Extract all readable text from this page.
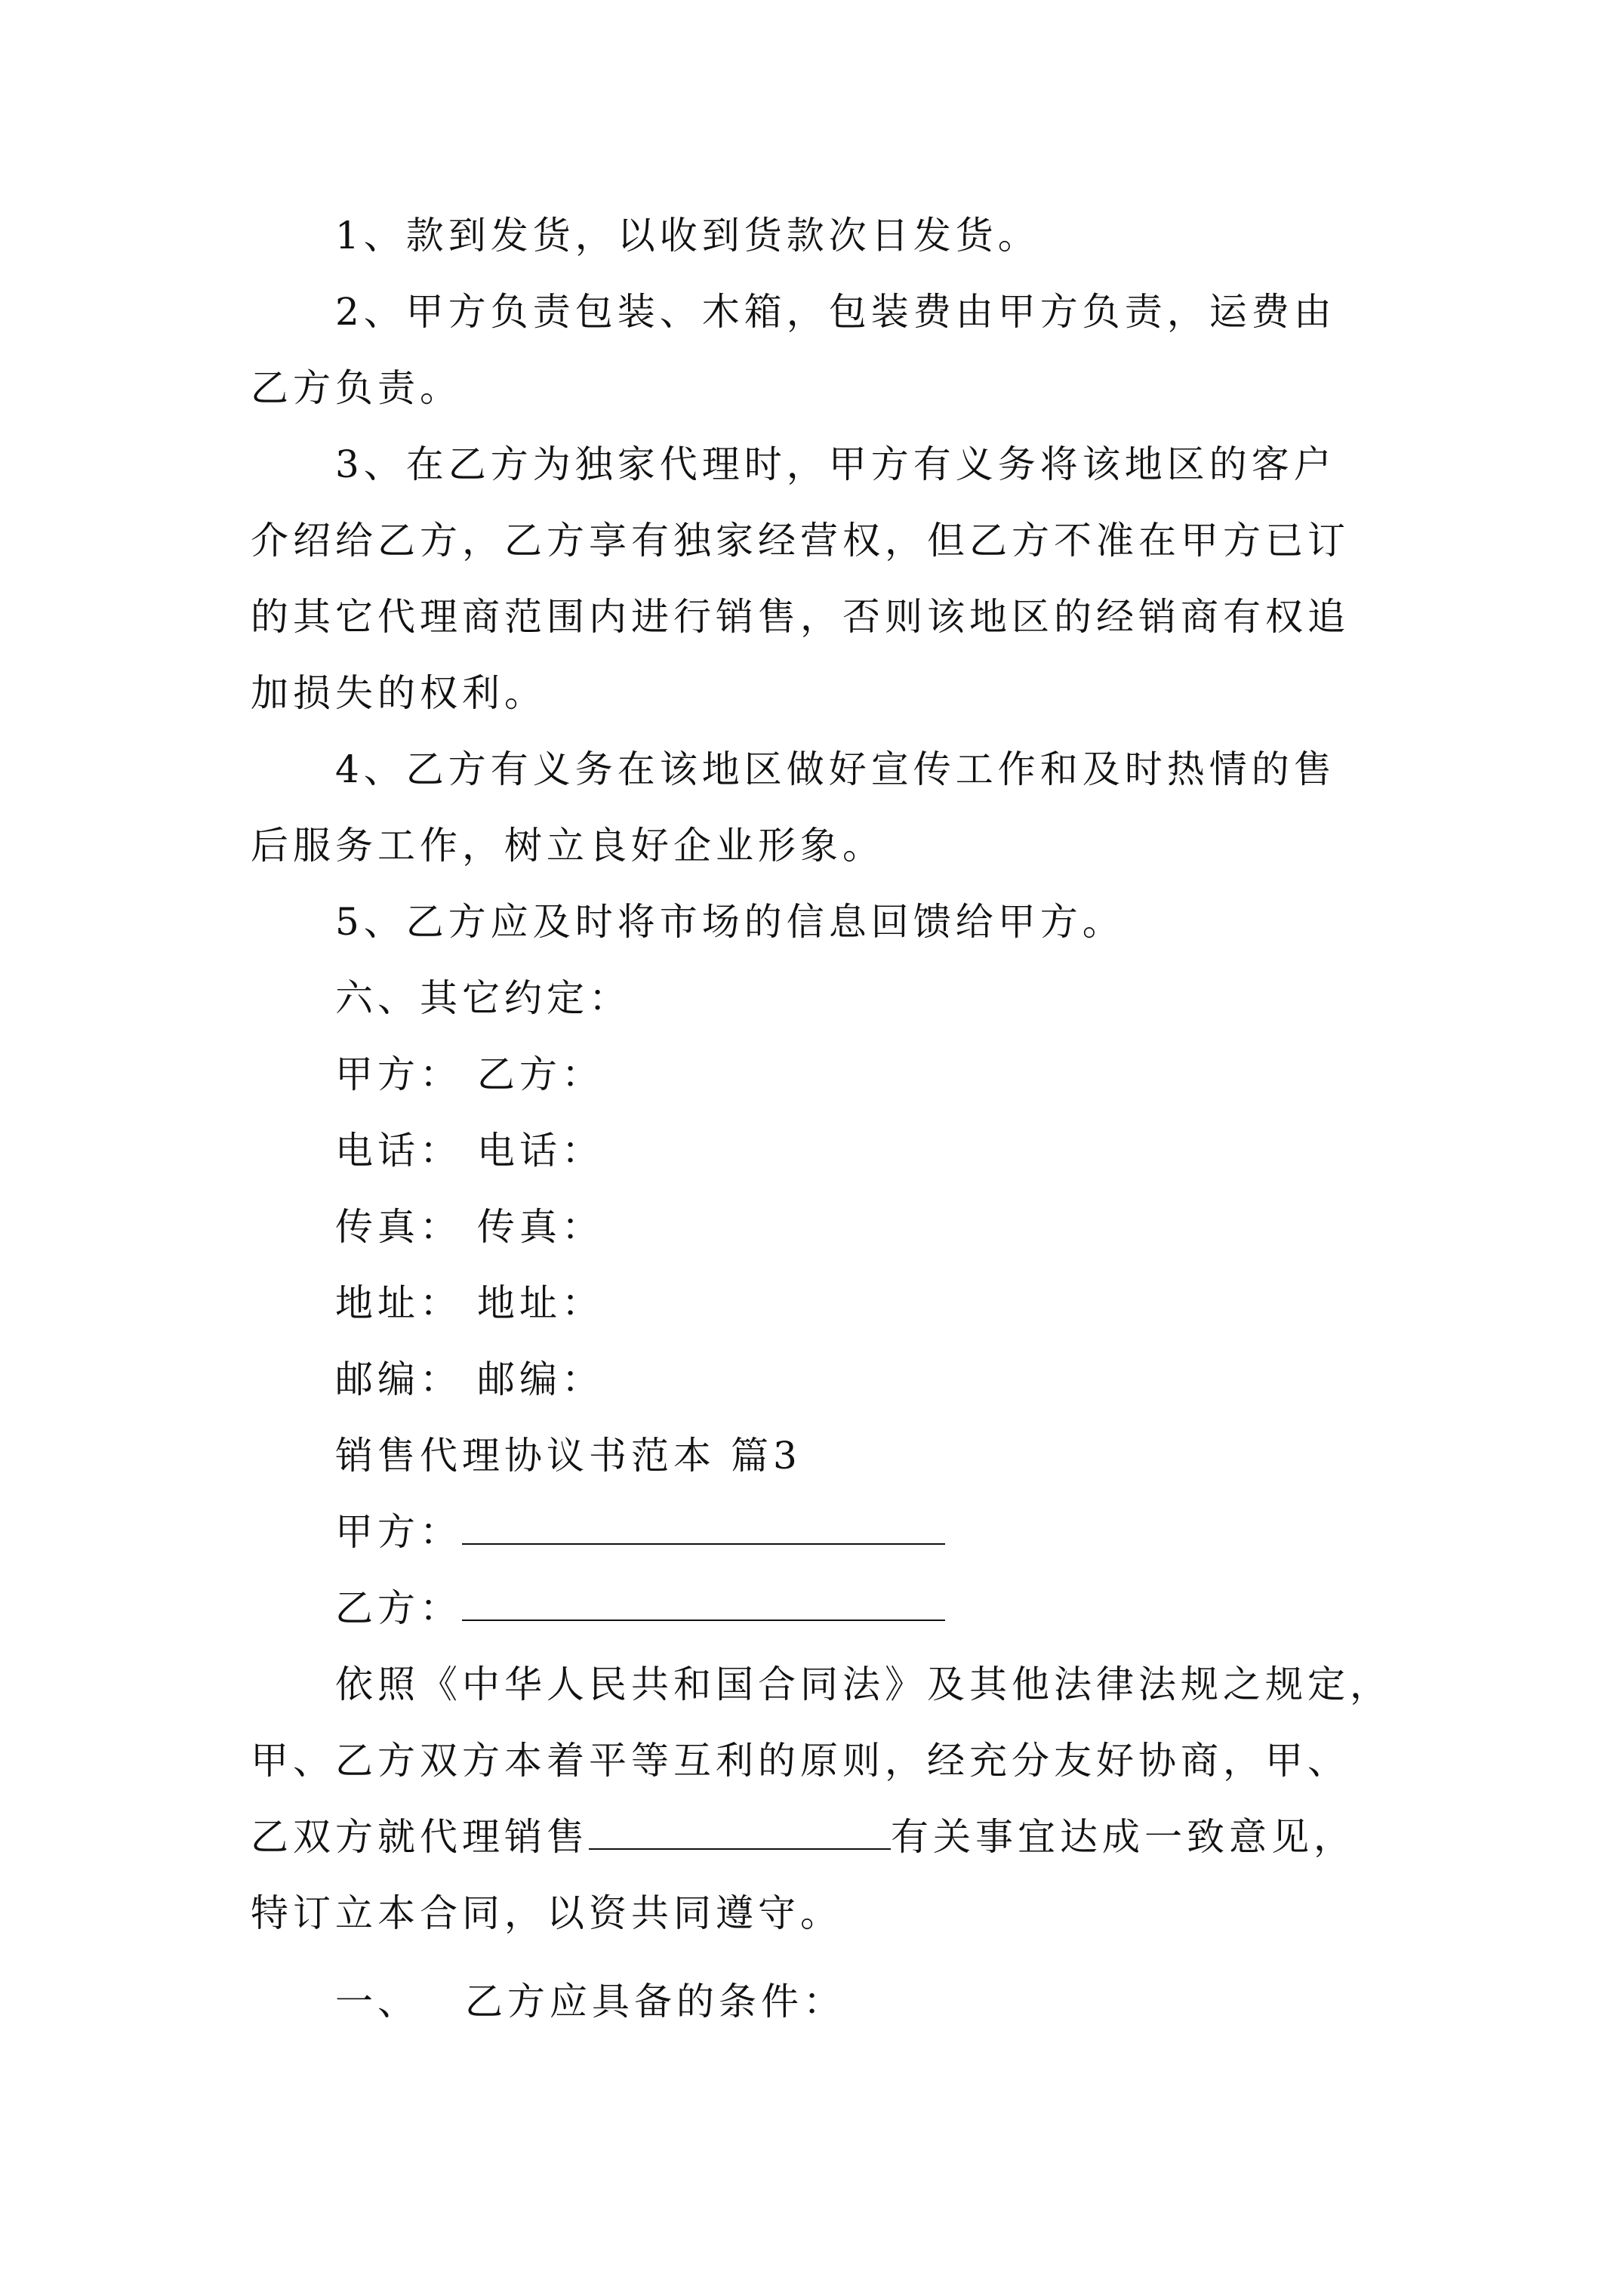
1、款到发货，以收到货款次日发货。
2、甲方负责包装、木箱，包装费由甲方负责，运费由
乙方负责。
3、在乙方为独家代理时，甲方有义务将该地区的客户
介绍给乙方，乙方享有独家经营权，但乙方不准在甲方已订
的其它代理商范围内进行销售，否则该地区的经销商有权追
加损失的权利。
4、乙方有义务在该地区做好宣传工作和及时热情的售
后服务工作，树立良好企业形象。
5、乙方应及时将市场的信息回馈给甲方。
六、其它约定：
甲方： 乙方：
电话： 电话：
传真： 传真：
地址： 地址：
邮编： 邮编：
销售代理协议书范本 篇3
甲方：
乙方：
依照《中华人民共和国合同法》及其他法律法规之规定，
甲、乙方双方本着平等互利的原则，经充分友好协商，甲、
乙双方就代理销售	有关事宜达成一致意见，
特订立本合同，以资共同遵守。
一、 乙方应具备的条件：
